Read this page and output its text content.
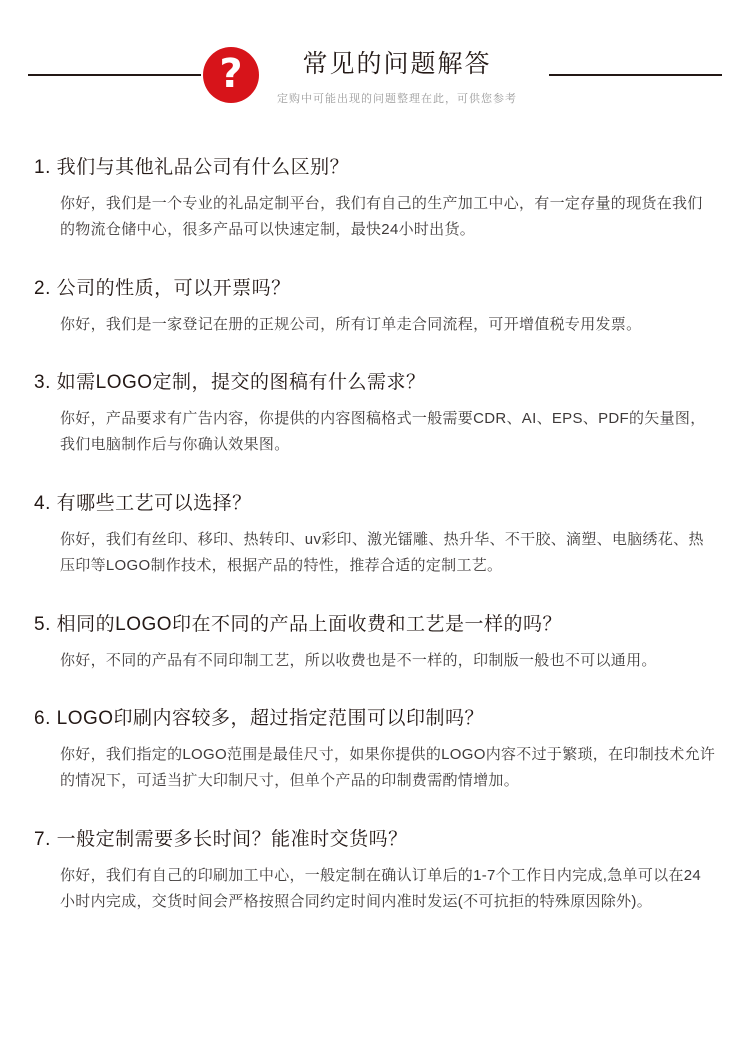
?	常见的问题解答
定购中可能出现的问题整理在此，可供您参考
1. 我们与其他礼品公司有什么区别？
你好，我们是一个专业的礼品定制平台，我们有自己的生产加工中心，有一定存量的现货在我们的物流仓储中心，很多产品可以快速定制，最快24小时出货。
2. 公司的性质，可以开票吗？
你好，我们是一家登记在册的正规公司，所有订单走合同流程，可开增值税专用发票。
3. 如需LOGO定制，提交的图稿有什么需求？
你好，产品要求有广告内容，你提供的内容图稿格式一般需要CDR、AI、EPS、PDF的矢量图，我们电脑制作后与你确认效果图。
4. 有哪些工艺可以选择？
你好，我们有丝印、移印、热转印、uv彩印、激光镭雕、热升华、不干胶、滴塑、电脑绣花、热压印等LOGO制作技术，根据产品的特性，推荐合适的定制工艺。
5. 相同的LOGO印在不同的产品上面收费和工艺是一样的吗？
你好，不同的产品有不同印制工艺，所以收费也是不一样的，印制版一般也不可以通用。
6. LOGO印刷内容较多，超过指定范围可以印制吗？
你好，我们指定的LOGO范围是最佳尺寸，如果你提供的LOGO内容不过于繁琐，在印制技术允许的情况下，可适当扩大印制尺寸，但单个产品的印制费需酌情增加。
7. 一般定制需要多长时间？能准时交货吗？
你好，我们有自己的印刷加工中心，一般定制在确认订单后的1-7个工作日内完成,急单可以在24小时内完成，交货时间会严格按照合同约定时间内准时发运(不可抗拒的特殊原因除外)。
